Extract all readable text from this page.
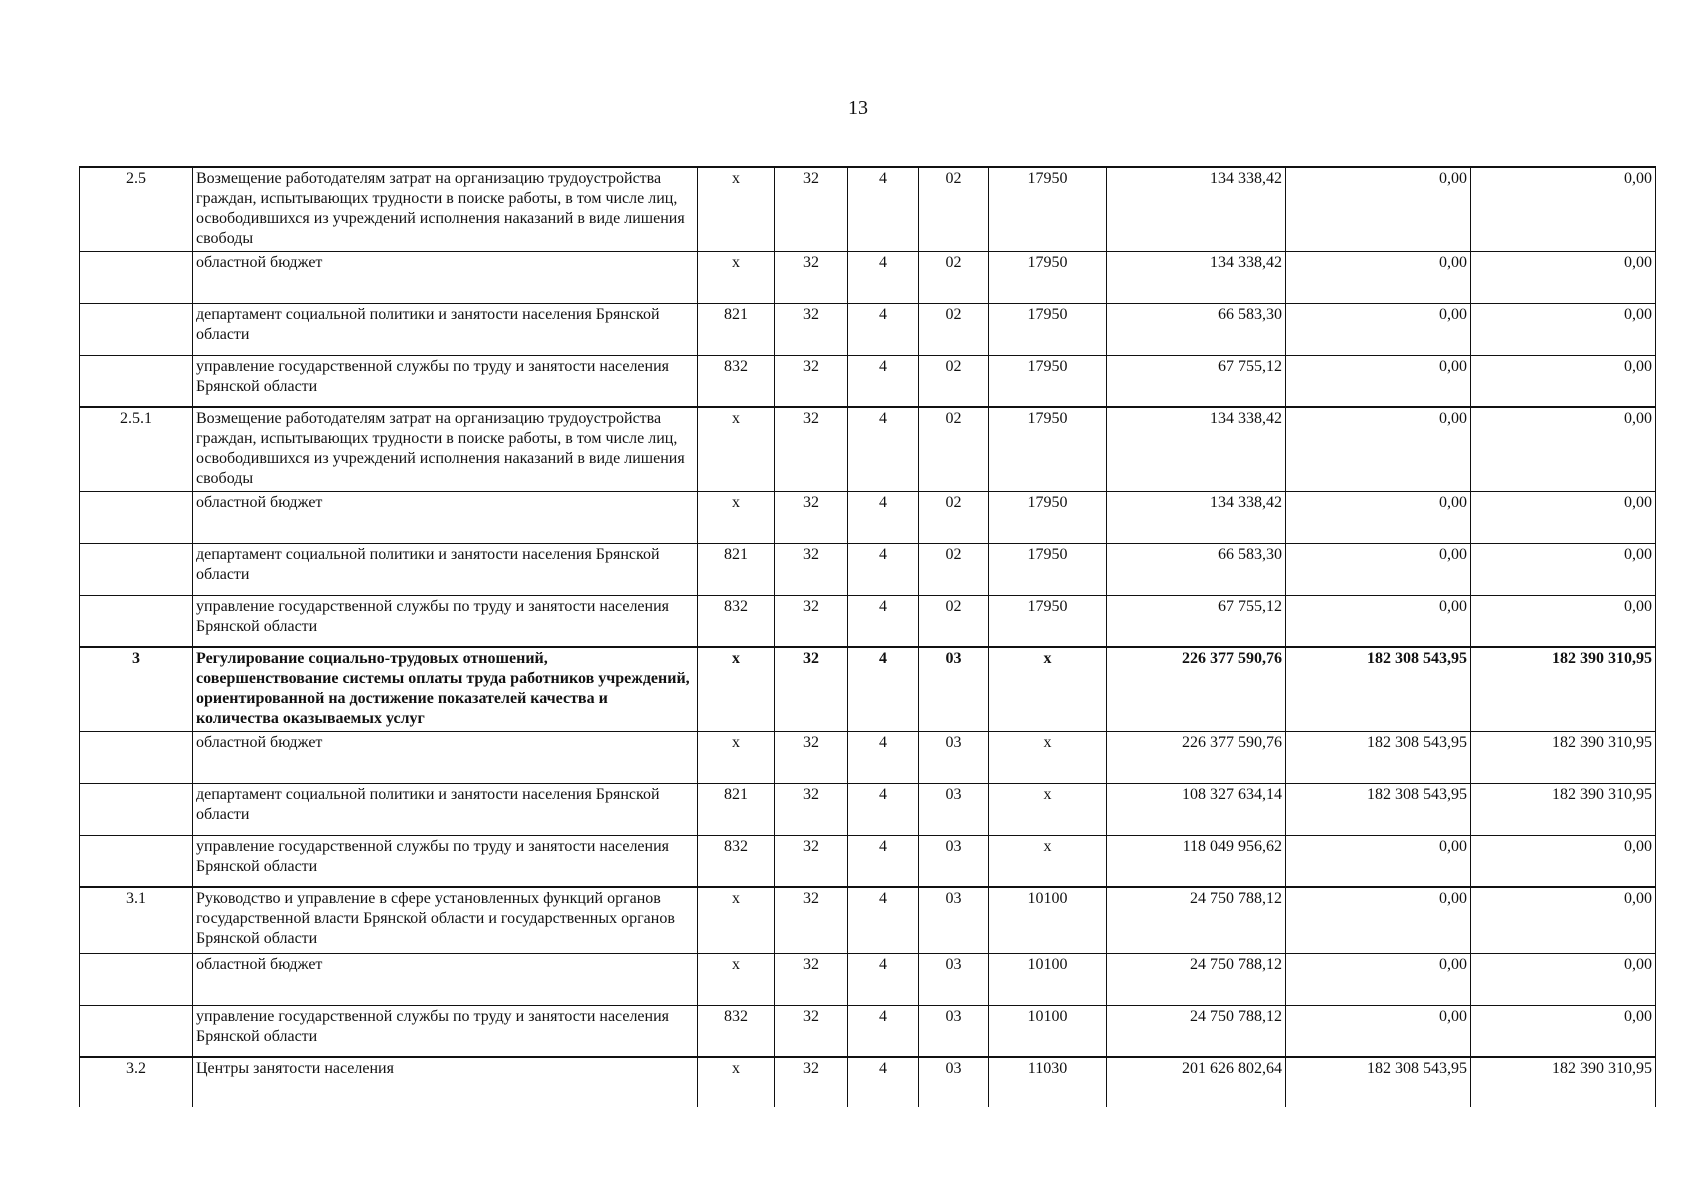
13
2.5	Возмещение работодателям затрат на организацию трудоустройства граждан, испытывающих трудности в поиске работы, в том числе лиц, освободившихся из учреждений исполнения наказаний в виде лишения свободы	х	32	4	02	17950	134 338,42	0,00	0,00
	областной бюджет	х	32	4	02	17950	134 338,42	0,00	0,00
	департамент социальной политики и занятости населения Брянской области	821	32	4	02	17950	66 583,30	0,00	0,00
	управление государственной службы по труду и занятости населения Брянской области	832	32	4	02	17950	67 755,12	0,00	0,00
2.5.1	Возмещение работодателям затрат на организацию трудоустройства граждан, испытывающих трудности в поиске работы, в том числе лиц, освободившихся из учреждений исполнения наказаний в виде лишения свободы	х	32	4	02	17950	134 338,42	0,00	0,00
	областной бюджет	х	32	4	02	17950	134 338,42	0,00	0,00
	департамент социальной политики и занятости населения Брянской области	821	32	4	02	17950	66 583,30	0,00	0,00
	управление государственной службы по труду и занятости населения Брянской области	832	32	4	02	17950	67 755,12	0,00	0,00
3	Регулирование социально-трудовых отношений, совершенствование системы оплаты труда работников учреждений, ориентированной на достижение показателей качества и количества оказываемых услуг	х	32	4	03	х	226 377 590,76	182 308 543,95	182 390 310,95
	областной бюджет	х	32	4	03	х	226 377 590,76	182 308 543,95	182 390 310,95
	департамент социальной политики и занятости населения Брянской области	821	32	4	03	х	108 327 634,14	182 308 543,95	182 390 310,95
	управление государственной службы по труду и занятости населения Брянской области	832	32	4	03	х	118 049 956,62	0,00	0,00
3.1	Руководство и управление в сфере установленных функций органов государственной власти Брянской области и государственных органов Брянской области	х	32	4	03	10100	24 750 788,12	0,00	0,00
	областной бюджет	х	32	4	03	10100	24 750 788,12	0,00	0,00
	управление государственной службы по труду и занятости населения Брянской области	832	32	4	03	10100	24 750 788,12	0,00	0,00
3.2	Центры занятости населения	х	32	4	03	11030	201 626 802,64	182 308 543,95	182 390 310,95
